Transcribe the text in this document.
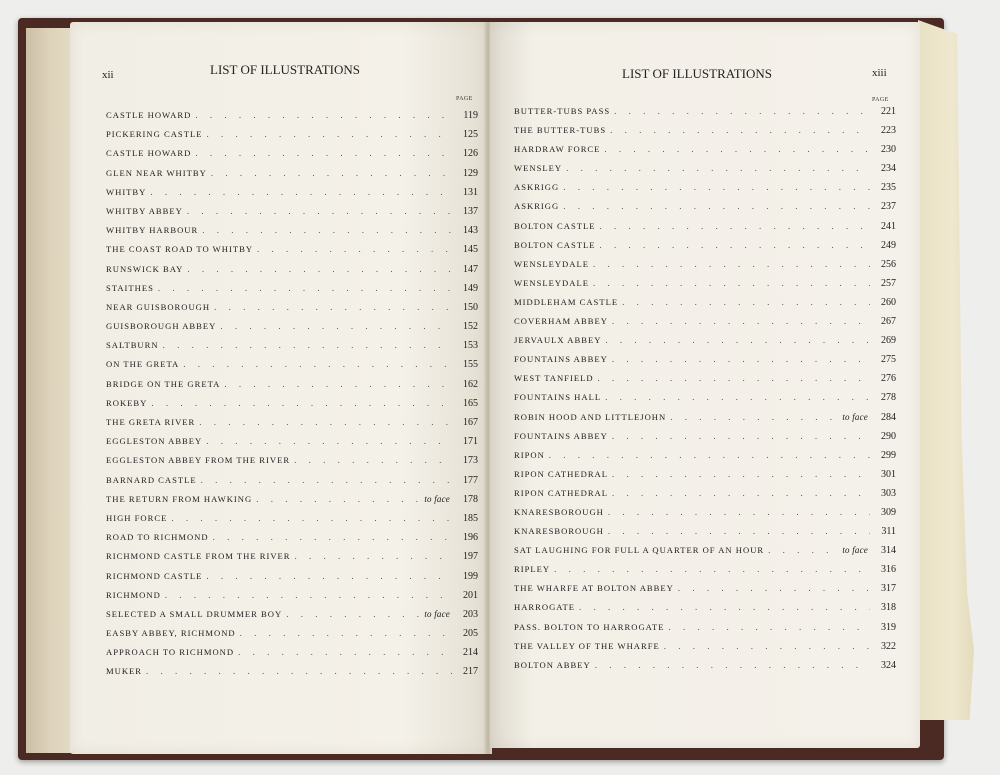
xii	LIST OF ILLUSTRATIONS
PAGE
CASTLE HOWARD . . .	119
PICKERING CASTLE . . .	125
CASTLE HOWARD . . .	126
GLEN NEAR WHITBY . . .	129
WHITBY . . .	131
WHITBY ABBEY . . .	137
WHITBY HARBOUR . . .	143
THE COAST ROAD TO WHITBY . . .	145
RUNSWICK BAY . . .	147
STAITHES . . .	149
NEAR GUISBOROUGH . . .	150
GUISBOROUGH ABBEY . . .	152
SALTBURN . . .	153
ON THE GRETA . . .	155
BRIDGE ON THE GRETA . . .	162
ROKEBY . . .	165
THE GRETA RIVER . . .	167
EGGLESTON ABBEY . . .	171
EGGLESTON ABBEY FROM THE RIVER . . .	173
BARNARD CASTLE . . .	177
THE RETURN FROM HAWKING . . .	to face	178
HIGH FORCE . . .	185
ROAD TO RICHMOND . . .	196
RICHMOND CASTLE FROM THE RIVER . . .	197
RICHMOND CASTLE . . .	199
RICHMOND . . .	201
SELECTED A SMALL DRUMMER BOY . . .	to face	203
EASBY ABBEY, RICHMOND . . .	205
APPROACH TO RICHMOND . . .	214
MUKER . . .	217
LIST OF ILLUSTRATIONS	xiii
PAGE
BUTTER-TUBS PASS . . .	221
THE BUTTER-TUBS . . .	223
HARDRAW FORCE . . .	230
WENSLEY . . .	234
ASKRIGG . . .	235
ASKRIGG . . .	237
BOLTON CASTLE . . .	241
BOLTON CASTLE . . .	249
WENSLEYDALE . . .	256
WENSLEYDALE . . .	257
MIDDLEHAM CASTLE . . .	260
COVERHAM ABBEY . . .	267
JERVAULX ABBEY . . .	269
FOUNTAINS ABBEY . . .	275
WEST TANFIELD . . .	276
FOUNTAINS HALL . . .	278
ROBIN HOOD AND LITTLEJOHN . . .	to face	284
FOUNTAINS ABBEY . . .	290
RIPON . . .	299
RIPON CATHEDRAL . . .	301
RIPON CATHEDRAL . . .	303
KNARESBOROUGH . . .	309
KNARESBOROUGH . . .	311
SAT LAUGHING FOR FULL A QUARTER OF AN HOUR . . .	to face	314
RIPLEY . . .	316
THE WHARFE AT BOLTON ABBEY . . .	317
HARROGATE . . .	318
PASS. BOLTON TO HARROGATE . . .	319
THE VALLEY OF THE WHARFE . . .	322
BOLTON ABBEY . . .	324
